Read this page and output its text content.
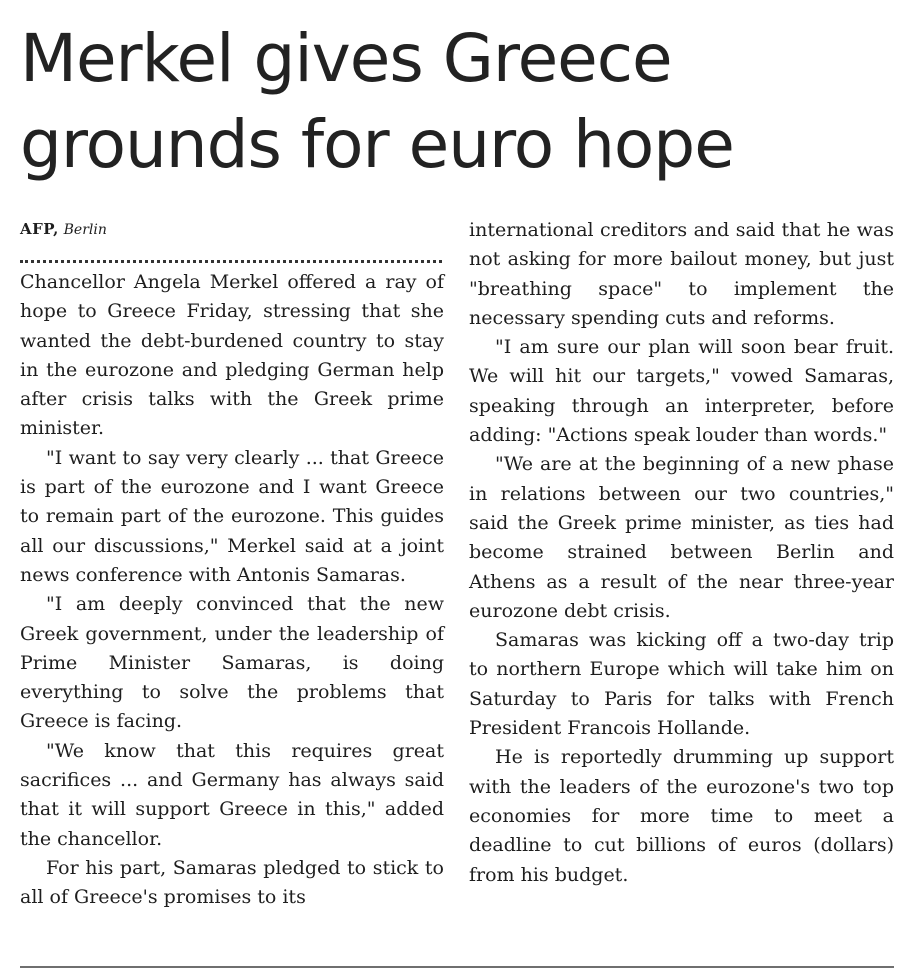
Merkel gives Greece
grounds for euro hope
AFP, Berlin

Chancellor Angela Merkel offered a ray of hope to Greece Friday, stressing that she wanted the debt-burdened country to stay in the eurozone and pledging German help after crisis talks with the Greek prime minister.

"I want to say very clearly ... that Greece is part of the eurozone and I want Greece to remain part of the eurozone. This guides all our discussions," Merkel said at a joint news conference with Antonis Samaras.

"I am deeply convinced that the new Greek government, under the leadership of Prime Minister Samaras, is doing everything to solve the problems that Greece is facing.

"We know that this requires great sacrifices ... and Germany has always said that it will support Greece in this," added the chancellor.

For his part, Samaras pledged to stick to all of Greece's promises to its

international creditors and said that he was not asking for more bailout money, but just "breathing space" to implement the necessary spending cuts and reforms.

"I am sure our plan will soon bear fruit. We will hit our targets," vowed Samaras, speaking through an interpreter, before adding: "Actions speak louder than words."

"We are at the beginning of a new phase in relations between our two countries," said the Greek prime minister, as ties had become strained between Berlin and Athens as a result of the near three-year eurozone debt crisis.

Samaras was kicking off a two-day trip to northern Europe which will take him on Saturday to Paris for talks with French President Francois Hollande.

He is reportedly drumming up support with the leaders of the eurozone's two top economies for more time to meet a deadline to cut billions of euros (dollars) from his budget.
